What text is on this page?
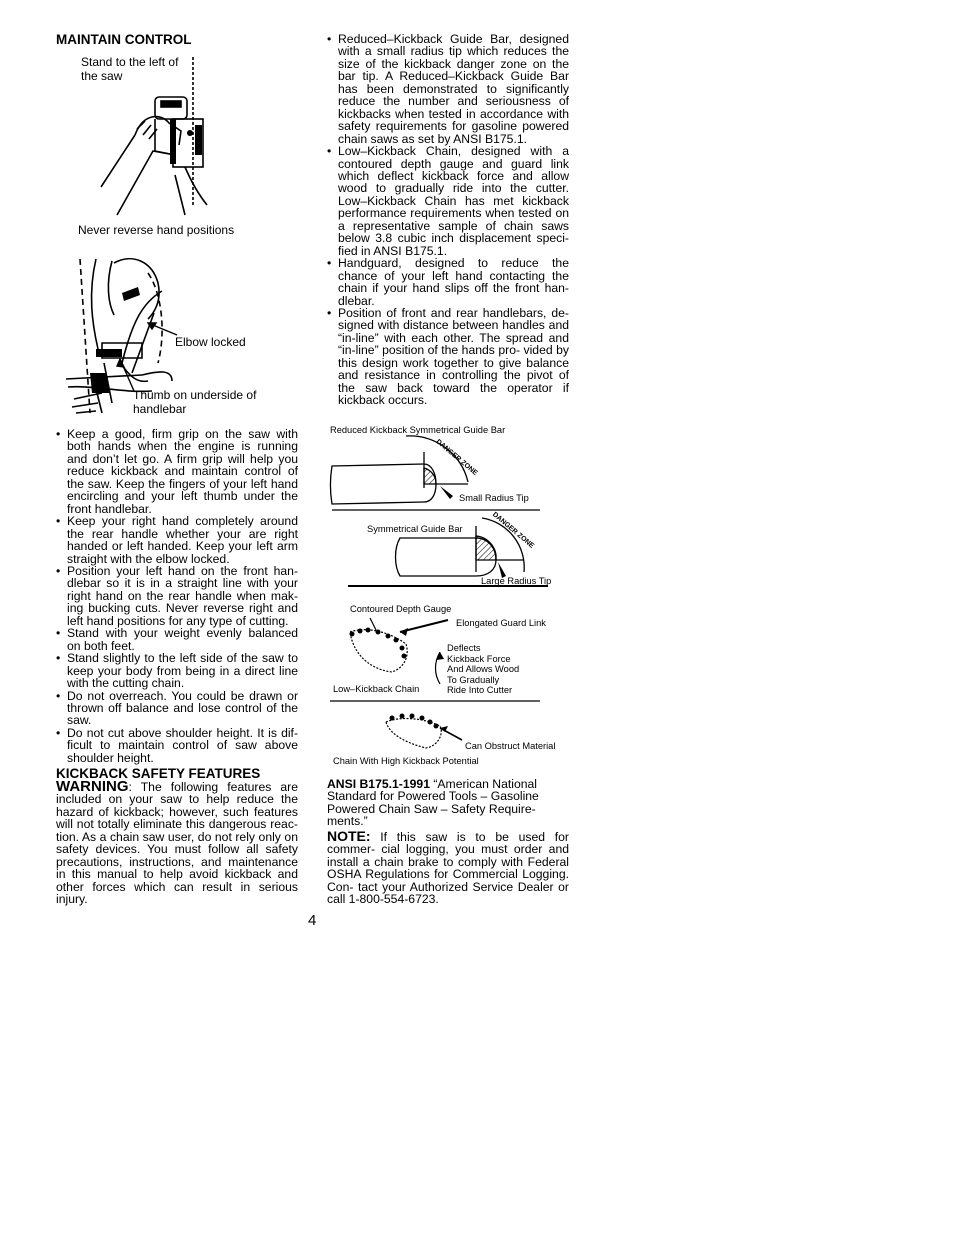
MAINTAIN CONTROL
Stand to the left of
the saw
Never reverse hand positions
Elbow locked
Thumb on underside of
handlebar
• Keep a good, firm grip on the saw with both hands when the engine is running and don’t let go. A firm grip will help you reduce kickback and maintain control of the saw. Keep the fingers of your left hand encircling and your left thumb under the front handlebar.
• Keep your right hand completely around the rear handle whether your are right handed or left handed. Keep your left arm straight with the elbow locked.
• Position your left hand on the front han- dlebar so it is in a straight line with your right hand on the rear handle when mak- ing bucking cuts. Never reverse right and left hand positions for any type of cutting.
• Stand with your weight evenly balanced on both feet.
• Stand slightly to the left side of the saw to keep your body from being in a direct line with the cutting chain.
• Do not overreach. You could be drawn or thrown off balance and lose control of the saw.
• Do not cut above shoulder height. It is dif- ficult to maintain control of saw above shoulder height.
KICKBACK SAFETY FEATURES

WARNING: The following features are included on your saw to help reduce the hazard of kickback; however, such features will not totally eliminate this dangerous reac- tion. As a chain saw user, do not rely only on safety devices. You must follow all safety precautions, instructions, and maintenance in this manual to help avoid kickback and other forces which can result in serious injury.

• Reduced–Kickback Guide Bar, designed with a small radius tip which reduces the size of the kickback danger zone on the bar tip. A Reduced–Kickback Guide Bar has been demonstrated to significantly reduce the number and seriousness of kickbacks when tested in accordance with safety requirements for gasoline powered chain saws as set by ANSI B175.1.
• Low–Kickback Chain, designed with a contoured depth gauge and guard link which deflect kickback force and allow wood to gradually ride into the cutter. Low–Kickback Chain has met kickback performance requirements when tested on a representative sample of chain saws below 3.8 cubic inch displacement speci- fied in ANSI B175.1.
• Handguard, designed to reduce the chance of your left hand contacting the chain if your hand slips off the front han- dlebar.
• Position of front and rear handlebars, de- signed with distance between handles and “in-line” with each other. The spread and “in-line” position of the hands pro- vided by this design work together to give balance and resistance in controlling the pivot of the saw back toward the operator if kickback occurs.
Reduced Kickback Symmetrical Guide Bar
DANGER ZONE
DANGER ZONE
Small Radius Tip
Symmetrical Guide Bar
Large Radius Tip
Contoured Depth Gauge
Elongated Guard Link
Deflects
Kickback Force
And Allows Wood
To Gradually
Ride Into Cutter
Low–Kickback Chain
Can Obstruct Material
Chain With High Kickback Potential

ANSI B175.1-1991 “American National Standard for Powered Tools – Gasoline Powered Chain Saw – Safety Require- ments.”

NOTE: If this saw is to be used for commer- cial logging, you must order and install a chain brake to comply with Federal OSHA Regulations for Commercial Logging. Con- tact your Authorized Service Dealer or call 1-800-554-6723.

4
